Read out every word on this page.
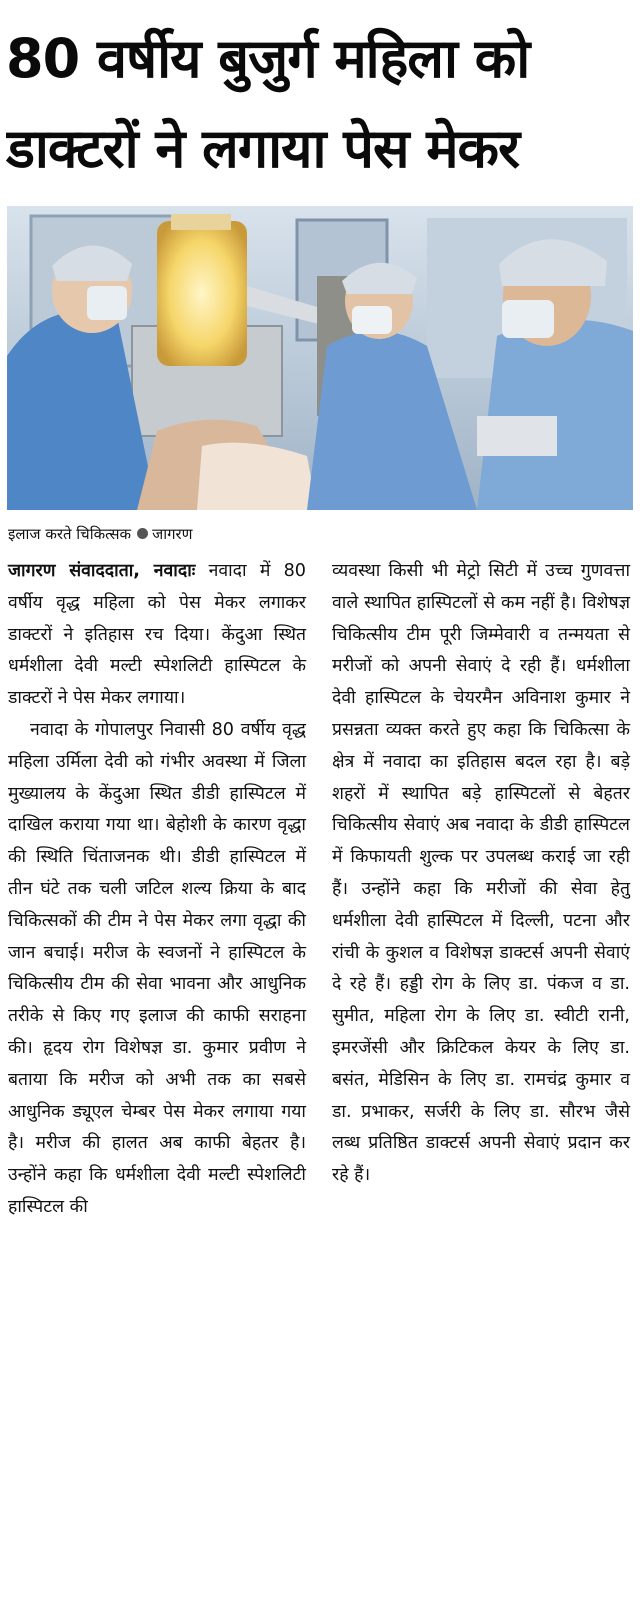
80 वर्षीय बुजुर्ग महिला को
डाक्टरों ने लगाया पेस मेकर
इलाज करते चिकित्सक जागरण

जागरण संवाददाता, नवादाः नवादा में 80 वर्षीय वृद्ध महिला को पेस मेकर लगाकर डाक्टरों ने इतिहास रच दिया। केंदुआ स्थित धर्मशीला देवी मल्टी स्पेशलिटी हास्पिटल के डाक्टरों ने पेस मेकर लगाया।

नवादा के गोपालपुर निवासी 80 वर्षीय वृद्ध महिला उर्मिला देवी को गंभीर अवस्था में जिला मुख्यालय के केंदुआ स्थित डीडी हास्पिटल में दाखिल कराया गया था। बेहोशी के कारण वृद्धा की स्थिति चिंताजनक थी। डीडी हास्पिटल में तीन घंटे तक चली जटिल शल्य क्रिया के बाद चिकित्सकों की टीम ने पेस मेकर लगा वृद्धा की जान बचाई। मरीज के स्वजनों ने हास्पिटल के चिकित्सीय टीम की सेवा भावना और आधुनिक तरीके से किए गए इलाज की काफी सराहना की। हृदय रोग विशेषज्ञ डा. कुमार प्रवीण ने बताया कि मरीज को अभी तक का सबसे आधुनिक ड्यूएल चेम्बर पेस मेकर लगाया गया है। मरीज की हालत अब काफी बेहतर है। उन्होंने कहा कि धर्मशीला देवी मल्टी स्पेशलिटी हास्पिटल की

व्यवस्था किसी भी मेट्रो सिटी में उच्च गुणवत्ता वाले स्थापित हास्पिटलों से कम नहीं है। विशेषज्ञ चिकित्सीय टीम पूरी जिम्मेवारी व तन्मयता से मरीजों को अपनी सेवाएं दे रही हैं। धर्मशीला देवी हास्पिटल के चेयरमैन अविनाश कुमार ने प्रसन्नता व्यक्त करते हुए कहा कि चिकित्सा के क्षेत्र में नवादा का इतिहास बदल रहा है। बड़े शहरों में स्थापित बड़े हास्पिटलों से बेहतर चिकित्सीय सेवाएं अब नवादा के डीडी हास्पिटल में किफायती शुल्क पर उपलब्ध कराई जा रही हैं। उन्होंने कहा कि मरीजों की सेवा हेतु धर्मशीला देवी हास्पिटल में दिल्ली, पटना और रांची के कुशल व विशेषज्ञ डाक्टर्स अपनी सेवाएं दे रहे हैं। हड्डी रोग के लिए डा. पंकज व डा. सुमीत, महिला रोग के लिए डा. स्वीटी रानी, इमरजेंसी और क्रिटिकल केयर के लिए डा. बसंत, मेडिसिन के लिए डा. रामचंद्र कुमार व डा. प्रभाकर, सर्जरी के लिए डा. सौरभ जैसे लब्ध प्रतिष्ठित डाक्टर्स अपनी सेवाएं प्रदान कर रहे हैं।
